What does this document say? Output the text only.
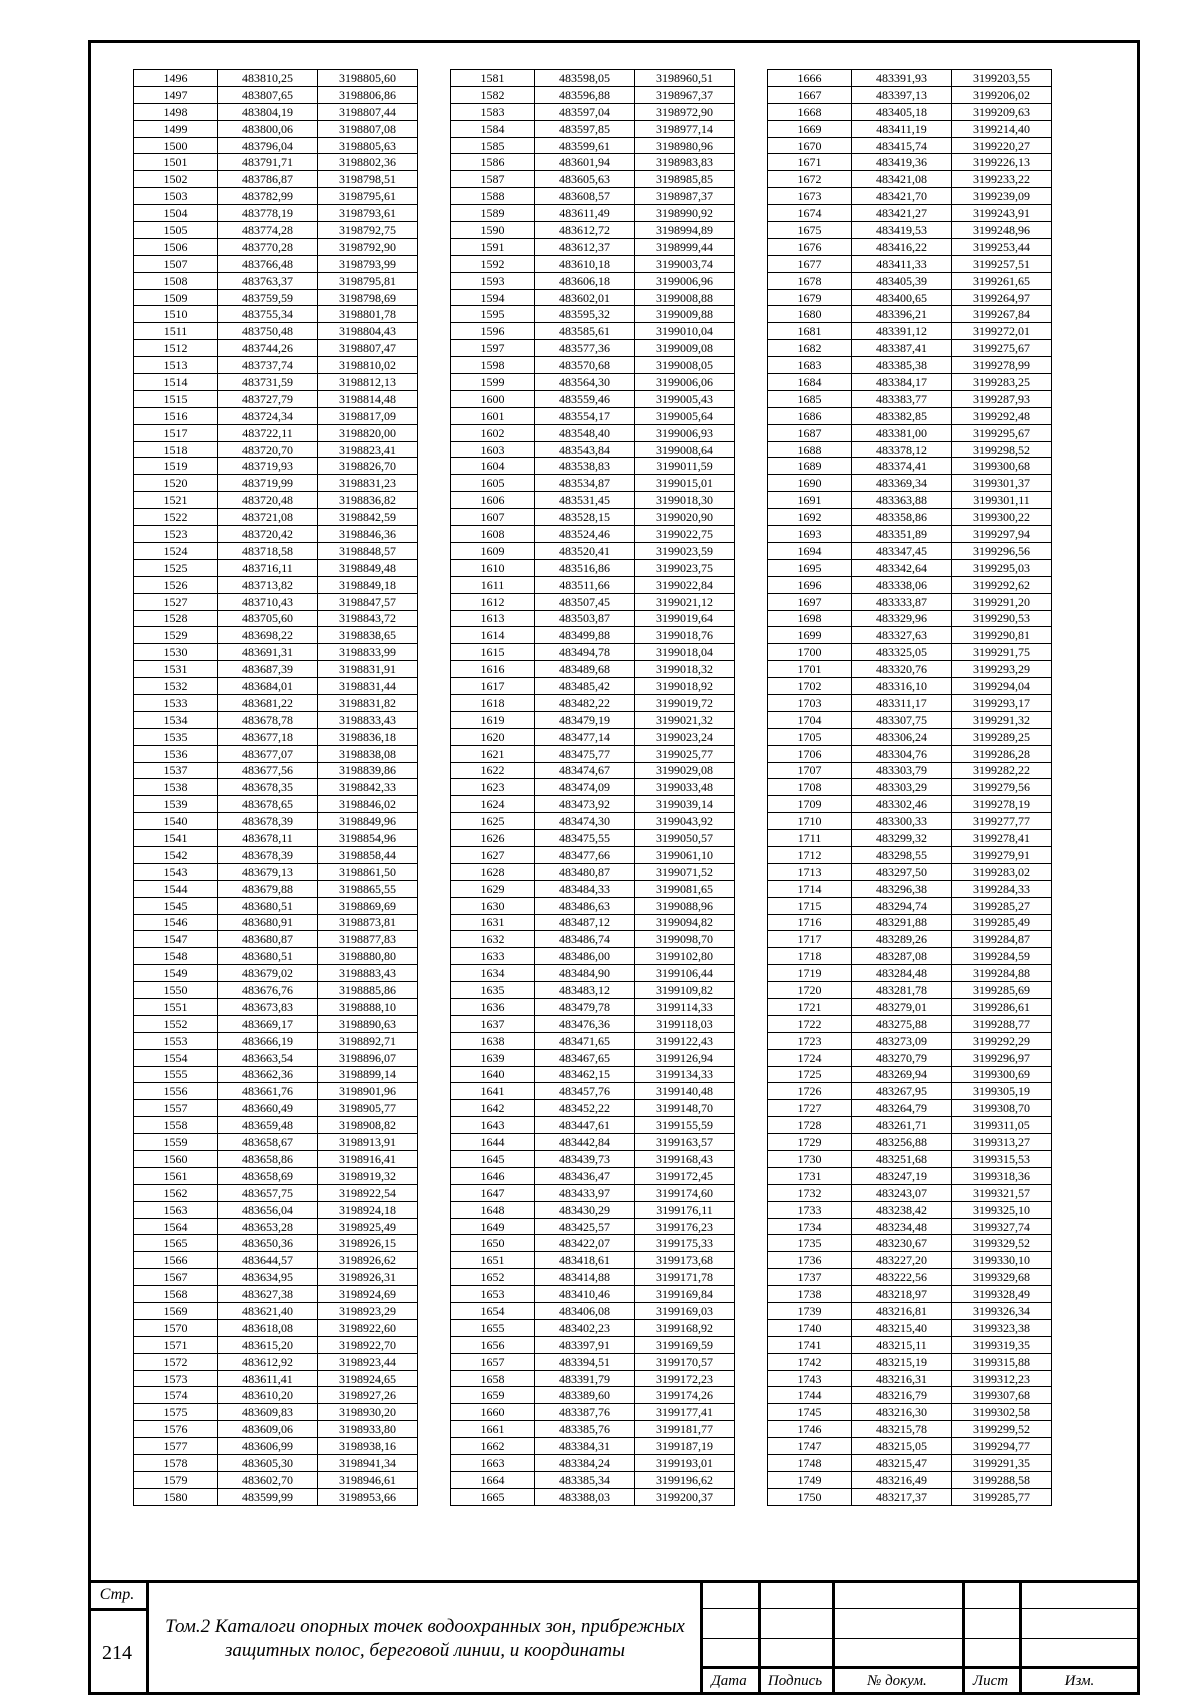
1496	483810,25	3198805,60
1497	483807,65	3198806,86
1498	483804,19	3198807,44
1499	483800,06	3198807,08
1500	483796,04	3198805,63
1501	483791,71	3198802,36
1502	483786,87	3198798,51
1503	483782,99	3198795,61
1504	483778,19	3198793,61
1505	483774,28	3198792,75
1506	483770,28	3198792,90
1507	483766,48	3198793,99
1508	483763,37	3198795,81
1509	483759,59	3198798,69
1510	483755,34	3198801,78
1511	483750,48	3198804,43
1512	483744,26	3198807,47
1513	483737,74	3198810,02
1514	483731,59	3198812,13
1515	483727,79	3198814,48
1516	483724,34	3198817,09
1517	483722,11	3198820,00
1518	483720,70	3198823,41
1519	483719,93	3198826,70
1520	483719,99	3198831,23
1521	483720,48	3198836,82
1522	483721,08	3198842,59
1523	483720,42	3198846,36
1524	483718,58	3198848,57
1525	483716,11	3198849,48
1526	483713,82	3198849,18
1527	483710,43	3198847,57
1528	483705,60	3198843,72
1529	483698,22	3198838,65
1530	483691,31	3198833,99
1531	483687,39	3198831,91
1532	483684,01	3198831,44
1533	483681,22	3198831,82
1534	483678,78	3198833,43
1535	483677,18	3198836,18
1536	483677,07	3198838,08
1537	483677,56	3198839,86
1538	483678,35	3198842,33
1539	483678,65	3198846,02
1540	483678,39	3198849,96
1541	483678,11	3198854,96
1542	483678,39	3198858,44
1543	483679,13	3198861,50
1544	483679,88	3198865,55
1545	483680,51	3198869,69
1546	483680,91	3198873,81
1547	483680,87	3198877,83
1548	483680,51	3198880,80
1549	483679,02	3198883,43
1550	483676,76	3198885,86
1551	483673,83	3198888,10
1552	483669,17	3198890,63
1553	483666,19	3198892,71
1554	483663,54	3198896,07
1555	483662,36	3198899,14
1556	483661,76	3198901,96
1557	483660,49	3198905,77
1558	483659,48	3198908,82
1559	483658,67	3198913,91
1560	483658,86	3198916,41
1561	483658,69	3198919,32
1562	483657,75	3198922,54
1563	483656,04	3198924,18
1564	483653,28	3198925,49
1565	483650,36	3198926,15
1566	483644,57	3198926,62
1567	483634,95	3198926,31
1568	483627,38	3198924,69
1569	483621,40	3198923,29
1570	483618,08	3198922,60
1571	483615,20	3198922,70
1572	483612,92	3198923,44
1573	483611,41	3198924,65
1574	483610,20	3198927,26
1575	483609,83	3198930,20
1576	483609,06	3198933,80
1577	483606,99	3198938,16
1578	483605,30	3198941,34
1579	483602,70	3198946,61
1580	483599,99	3198953,66
1581	483598,05	3198960,51
1582	483596,88	3198967,37
1583	483597,04	3198972,90
1584	483597,85	3198977,14
1585	483599,61	3198980,96
1586	483601,94	3198983,83
1587	483605,63	3198985,85
1588	483608,57	3198987,37
1589	483611,49	3198990,92
1590	483612,72	3198994,89
1591	483612,37	3198999,44
1592	483610,18	3199003,74
1593	483606,18	3199006,96
1594	483602,01	3199008,88
1595	483595,32	3199009,88
1596	483585,61	3199010,04
1597	483577,36	3199009,08
1598	483570,68	3199008,05
1599	483564,30	3199006,06
1600	483559,46	3199005,43
1601	483554,17	3199005,64
1602	483548,40	3199006,93
1603	483543,84	3199008,64
1604	483538,83	3199011,59
1605	483534,87	3199015,01
1606	483531,45	3199018,30
1607	483528,15	3199020,90
1608	483524,46	3199022,75
1609	483520,41	3199023,59
1610	483516,86	3199023,75
1611	483511,66	3199022,84
1612	483507,45	3199021,12
1613	483503,87	3199019,64
1614	483499,88	3199018,76
1615	483494,78	3199018,04
1616	483489,68	3199018,32
1617	483485,42	3199018,92
1618	483482,22	3199019,72
1619	483479,19	3199021,32
1620	483477,14	3199023,24
1621	483475,77	3199025,77
1622	483474,67	3199029,08
1623	483474,09	3199033,48
1624	483473,92	3199039,14
1625	483474,30	3199043,92
1626	483475,55	3199050,57
1627	483477,66	3199061,10
1628	483480,87	3199071,52
1629	483484,33	3199081,65
1630	483486,63	3199088,96
1631	483487,12	3199094,82
1632	483486,74	3199098,70
1633	483486,00	3199102,80
1634	483484,90	3199106,44
1635	483483,12	3199109,82
1636	483479,78	3199114,33
1637	483476,36	3199118,03
1638	483471,65	3199122,43
1639	483467,65	3199126,94
1640	483462,15	3199134,33
1641	483457,76	3199140,48
1642	483452,22	3199148,70
1643	483447,61	3199155,59
1644	483442,84	3199163,57
1645	483439,73	3199168,43
1646	483436,47	3199172,45
1647	483433,97	3199174,60
1648	483430,29	3199176,11
1649	483425,57	3199176,23
1650	483422,07	3199175,33
1651	483418,61	3199173,68
1652	483414,88	3199171,78
1653	483410,46	3199169,84
1654	483406,08	3199169,03
1655	483402,23	3199168,92
1656	483397,91	3199169,59
1657	483394,51	3199170,57
1658	483391,79	3199172,23
1659	483389,60	3199174,26
1660	483387,76	3199177,41
1661	483385,76	3199181,77
1662	483384,31	3199187,19
1663	483384,24	3199193,01
1664	483385,34	3199196,62
1665	483388,03	3199200,37
1666	483391,93	3199203,55
1667	483397,13	3199206,02
1668	483405,18	3199209,63
1669	483411,19	3199214,40
1670	483415,74	3199220,27
1671	483419,36	3199226,13
1672	483421,08	3199233,22
1673	483421,70	3199239,09
1674	483421,27	3199243,91
1675	483419,53	3199248,96
1676	483416,22	3199253,44
1677	483411,33	3199257,51
1678	483405,39	3199261,65
1679	483400,65	3199264,97
1680	483396,21	3199267,84
1681	483391,12	3199272,01
1682	483387,41	3199275,67
1683	483385,38	3199278,99
1684	483384,17	3199283,25
1685	483383,77	3199287,93
1686	483382,85	3199292,48
1687	483381,00	3199295,67
1688	483378,12	3199298,52
1689	483374,41	3199300,68
1690	483369,34	3199301,37
1691	483363,88	3199301,11
1692	483358,86	3199300,22
1693	483351,89	3199297,94
1694	483347,45	3199296,56
1695	483342,64	3199295,03
1696	483338,06	3199292,62
1697	483333,87	3199291,20
1698	483329,96	3199290,53
1699	483327,63	3199290,81
1700	483325,05	3199291,75
1701	483320,76	3199293,29
1702	483316,10	3199294,04
1703	483311,17	3199293,17
1704	483307,75	3199291,32
1705	483306,24	3199289,25
1706	483304,76	3199286,28
1707	483303,79	3199282,22
1708	483303,29	3199279,56
1709	483302,46	3199278,19
1710	483300,33	3199277,77
1711	483299,32	3199278,41
1712	483298,55	3199279,91
1713	483297,50	3199283,02
1714	483296,38	3199284,33
1715	483294,74	3199285,27
1716	483291,88	3199285,49
1717	483289,26	3199284,87
1718	483287,08	3199284,59
1719	483284,48	3199284,88
1720	483281,78	3199285,69
1721	483279,01	3199286,61
1722	483275,88	3199288,77
1723	483273,09	3199292,29
1724	483270,79	3199296,97
1725	483269,94	3199300,69
1726	483267,95	3199305,19
1727	483264,79	3199308,70
1728	483261,71	3199311,05
1729	483256,88	3199313,27
1730	483251,68	3199315,53
1731	483247,19	3199318,36
1732	483243,07	3199321,57
1733	483238,42	3199325,10
1734	483234,48	3199327,74
1735	483230,67	3199329,52
1736	483227,20	3199330,10
1737	483222,56	3199329,68
1738	483218,97	3199328,49
1739	483216,81	3199326,34
1740	483215,40	3199323,38
1741	483215,11	3199319,35
1742	483215,19	3199315,88
1743	483216,31	3199312,23
1744	483216,79	3199307,68
1745	483216,30	3199302,58
1746	483215,78	3199299,52
1747	483215,05	3199294,77
1748	483215,47	3199291,35
1749	483216,49	3199288,58
1750	483217,37	3199285,77
Стр.
214
Том.2 Каталоги опорных точек водоохранных зон, прибрежных
защитных полос, береговой линии, и координаты
Дата	Подпись	№ докум.	Лист	Изм.
